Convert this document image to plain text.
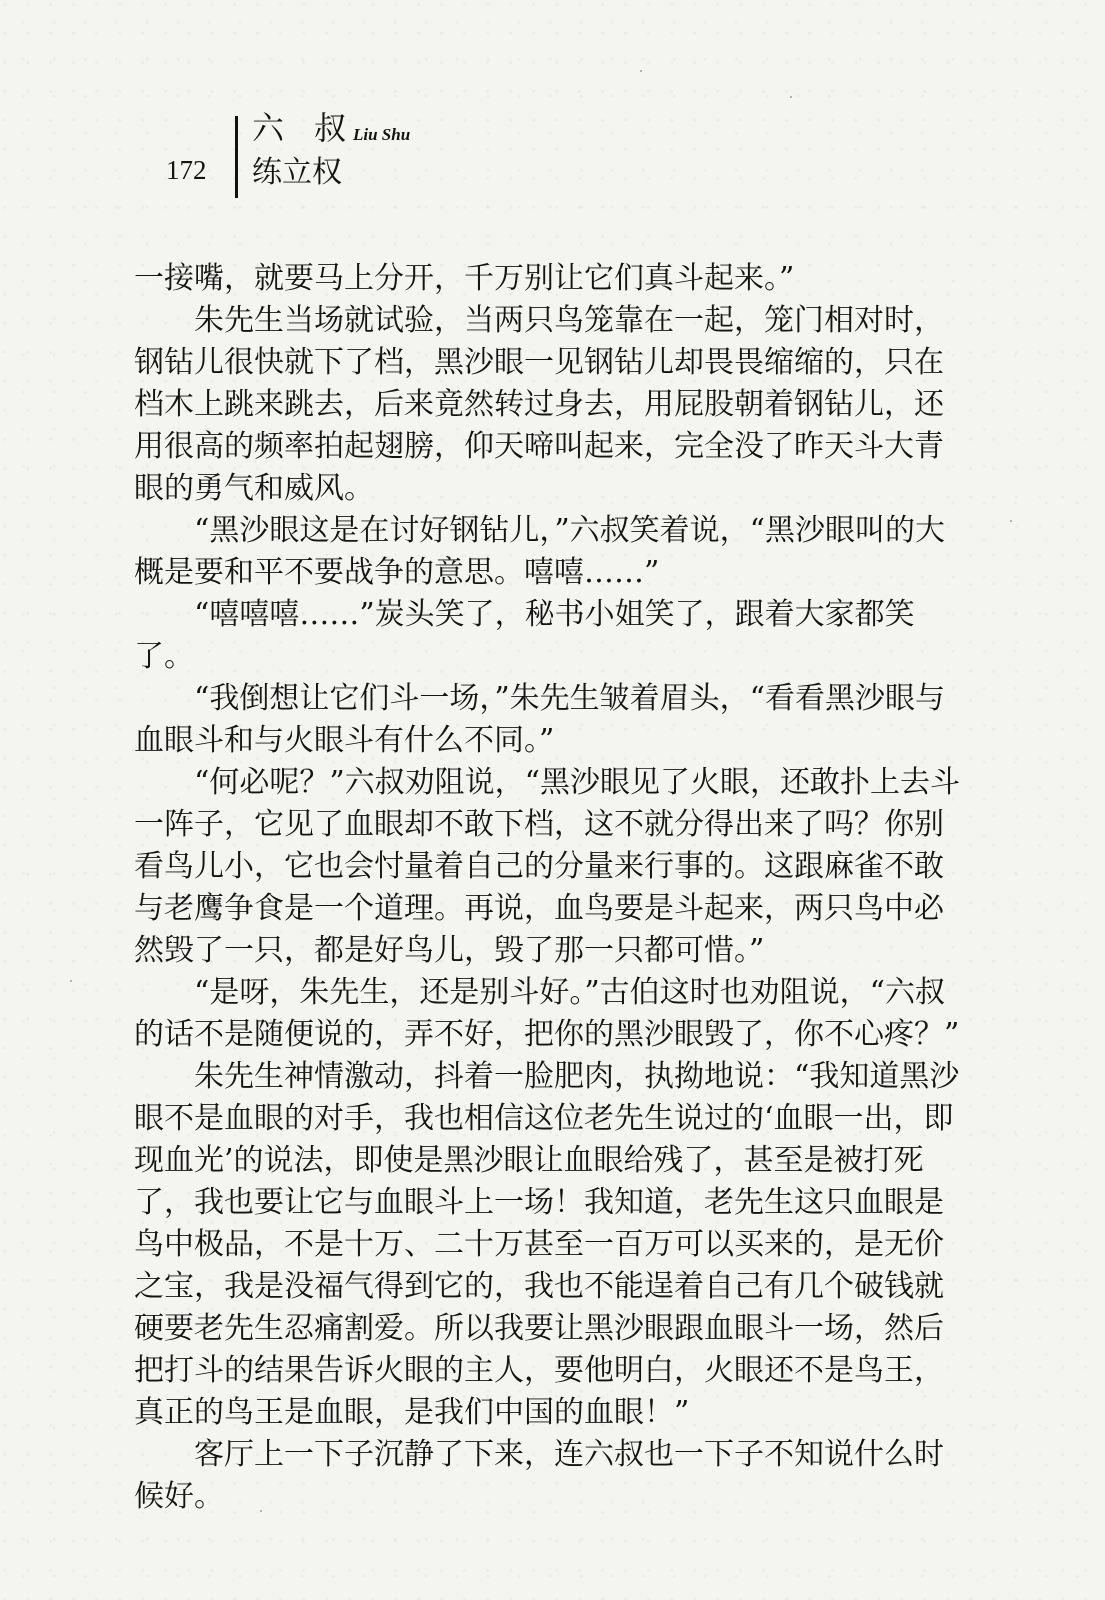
172
六 叔
Liu Shu
练立权

一接嘴，就要马上分开，千万别让它们真斗起来。”

朱先生当场就试验，当两只鸟笼靠在一起，笼门相对时，钢钻儿很快就下了档，黑沙眼一见钢钻儿却畏畏缩缩的，只在档木上跳来跳去，后来竟然转过身去，用屁股朝着钢钻儿，还用很高的频率拍起翅膀，仰天啼叫起来，完全没了昨天斗大青眼的勇气和威风。

“黑沙眼这是在讨好钢钻儿，”六叔笑着说，“黑沙眼叫的大概是要和平不要战争的意思。嘻嘻……”

“嘻嘻嘻……”炭头笑了，秘书小姐笑了，跟着大家都笑了。

“我倒想让它们斗一场，”朱先生皱着眉头，“看看黑沙眼与血眼斗和与火眼斗有什么不同。”

“何必呢？”六叔劝阻说，“黑沙眼见了火眼，还敢扑上去斗一阵子，它见了血眼却不敢下档，这不就分得出来了吗？你别看鸟儿小，它也会忖量着自己的分量来行事的。这跟麻雀不敢与老鹰争食是一个道理。再说，血鸟要是斗起来，两只鸟中必然毁了一只，都是好鸟儿，毁了那一只都可惜。”

“是呀，朱先生，还是别斗好。”古伯这时也劝阻说，“六叔的话不是随便说的，弄不好，把你的黑沙眼毁了，你不心疼？”

朱先生神情激动，抖着一脸肥肉，执拗地说：“我知道黑沙眼不是血眼的对手，我也相信这位老先生说过的‘血眼一出，即现血光’的说法，即使是黑沙眼让血眼给残了，甚至是被打死了，我也要让它与血眼斗上一场！我知道，老先生这只血眼是鸟中极品，不是十万、二十万甚至一百万可以买来的，是无价之宝，我是没福气得到它的，我也不能逞着自己有几个破钱就硬要老先生忍痛割爱。所以我要让黑沙眼跟血眼斗一场，然后把打斗的结果告诉火眼的主人，要他明白，火眼还不是鸟王，真正的鸟王是血眼，是我们中国的血眼！”

客厅上一下子沉静了下来，连六叔也一下子不知说什么时候好。
